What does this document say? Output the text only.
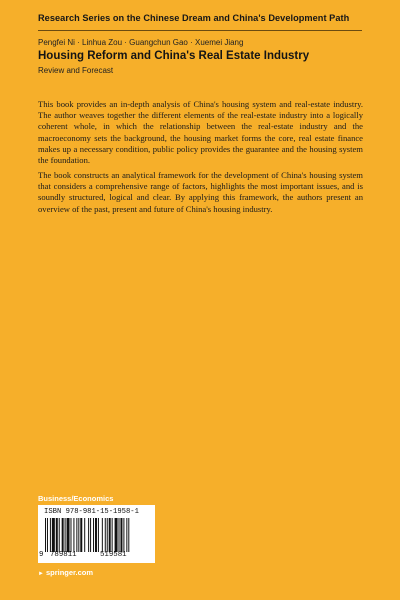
Research Series on the Chinese Dream and China's Development Path
Pengfei Ni · Linhua Zou · Guangchun Gao · Xuemei Jiang
Housing Reform and China's Real Estate Industry
Review and Forecast
This book provides an in-depth analysis of China's housing system and real-estate industry. The author weaves together the different elements of the real-estate industry into a logically coherent whole, in which the relationship between the real-estate industry and the macroeconomy sets the background, the housing market forms the core, real estate finance makes up a necessary condition, public policy provides the guarantee and the housing system the foundation.
The book constructs an analytical framework for the development of China's housing system that considers a comprehensive range of factors, highlights the most important issues, and is soundly structured, logical and clear. By applying this framework, the authors present an overview of the past, present and future of China's housing industry.
Business/Economics
ISBN 978-981-15-1958-1
9 789811	519581
► springer.com
